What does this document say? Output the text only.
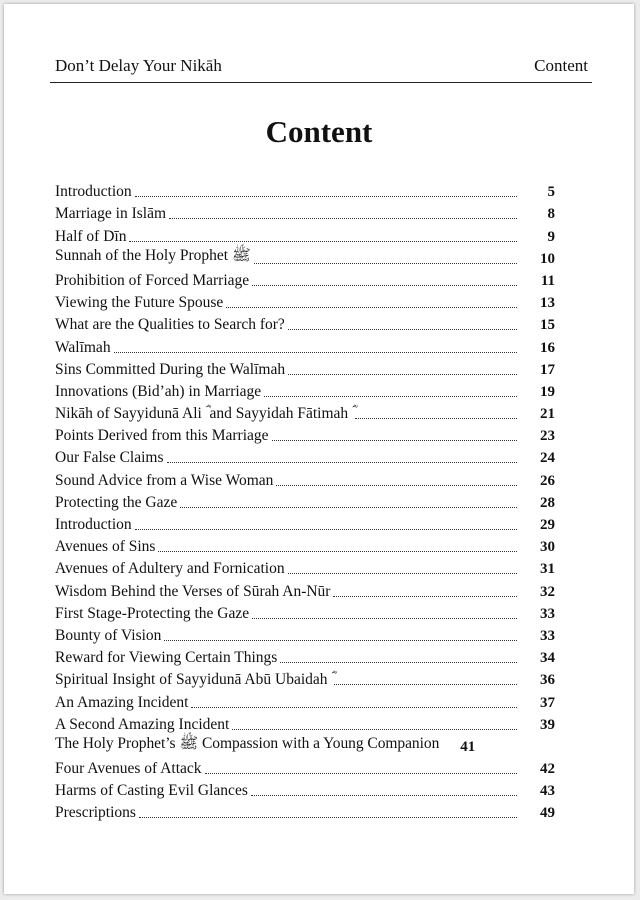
Don’t Delay Your Nikāh	Content
Content
Introduction	5
Marriage in Islām	8
Half of Dīn	9
Sunnah of the Holy Prophet ﷺ	10
Prohibition of Forced Marriage	11
Viewing the Future Spouse	13
What are the Qualities to Search for?	15
Walīmah	16
Sins Committed During the Walīmah	17
Innovations (Bid’ah) in Marriage	19
Nikāh of Sayyidunā Ali ؓ and Sayyidah Fātimah ؓ	21
Points Derived from this Marriage	23
Our False Claims	24
Sound Advice from a Wise Woman	26
Protecting the Gaze	28
Introduction	29
Avenues of Sins	30
Avenues of Adultery and Fornication	31
Wisdom Behind the Verses of Sūrah An-Nūr	32
First Stage-Protecting the Gaze	33
Bounty of Vision	33
Reward for Viewing Certain Things	34
Spiritual Insight of Sayyidunā Abū Ubaidah ؓ	36
An Amazing Incident	37
A Second Amazing Incident	39
The Holy Prophet’s ﷺ Compassion with a Young Companion	41
Four Avenues of Attack	42
Harms of Casting Evil Glances	43
Prescriptions	49
